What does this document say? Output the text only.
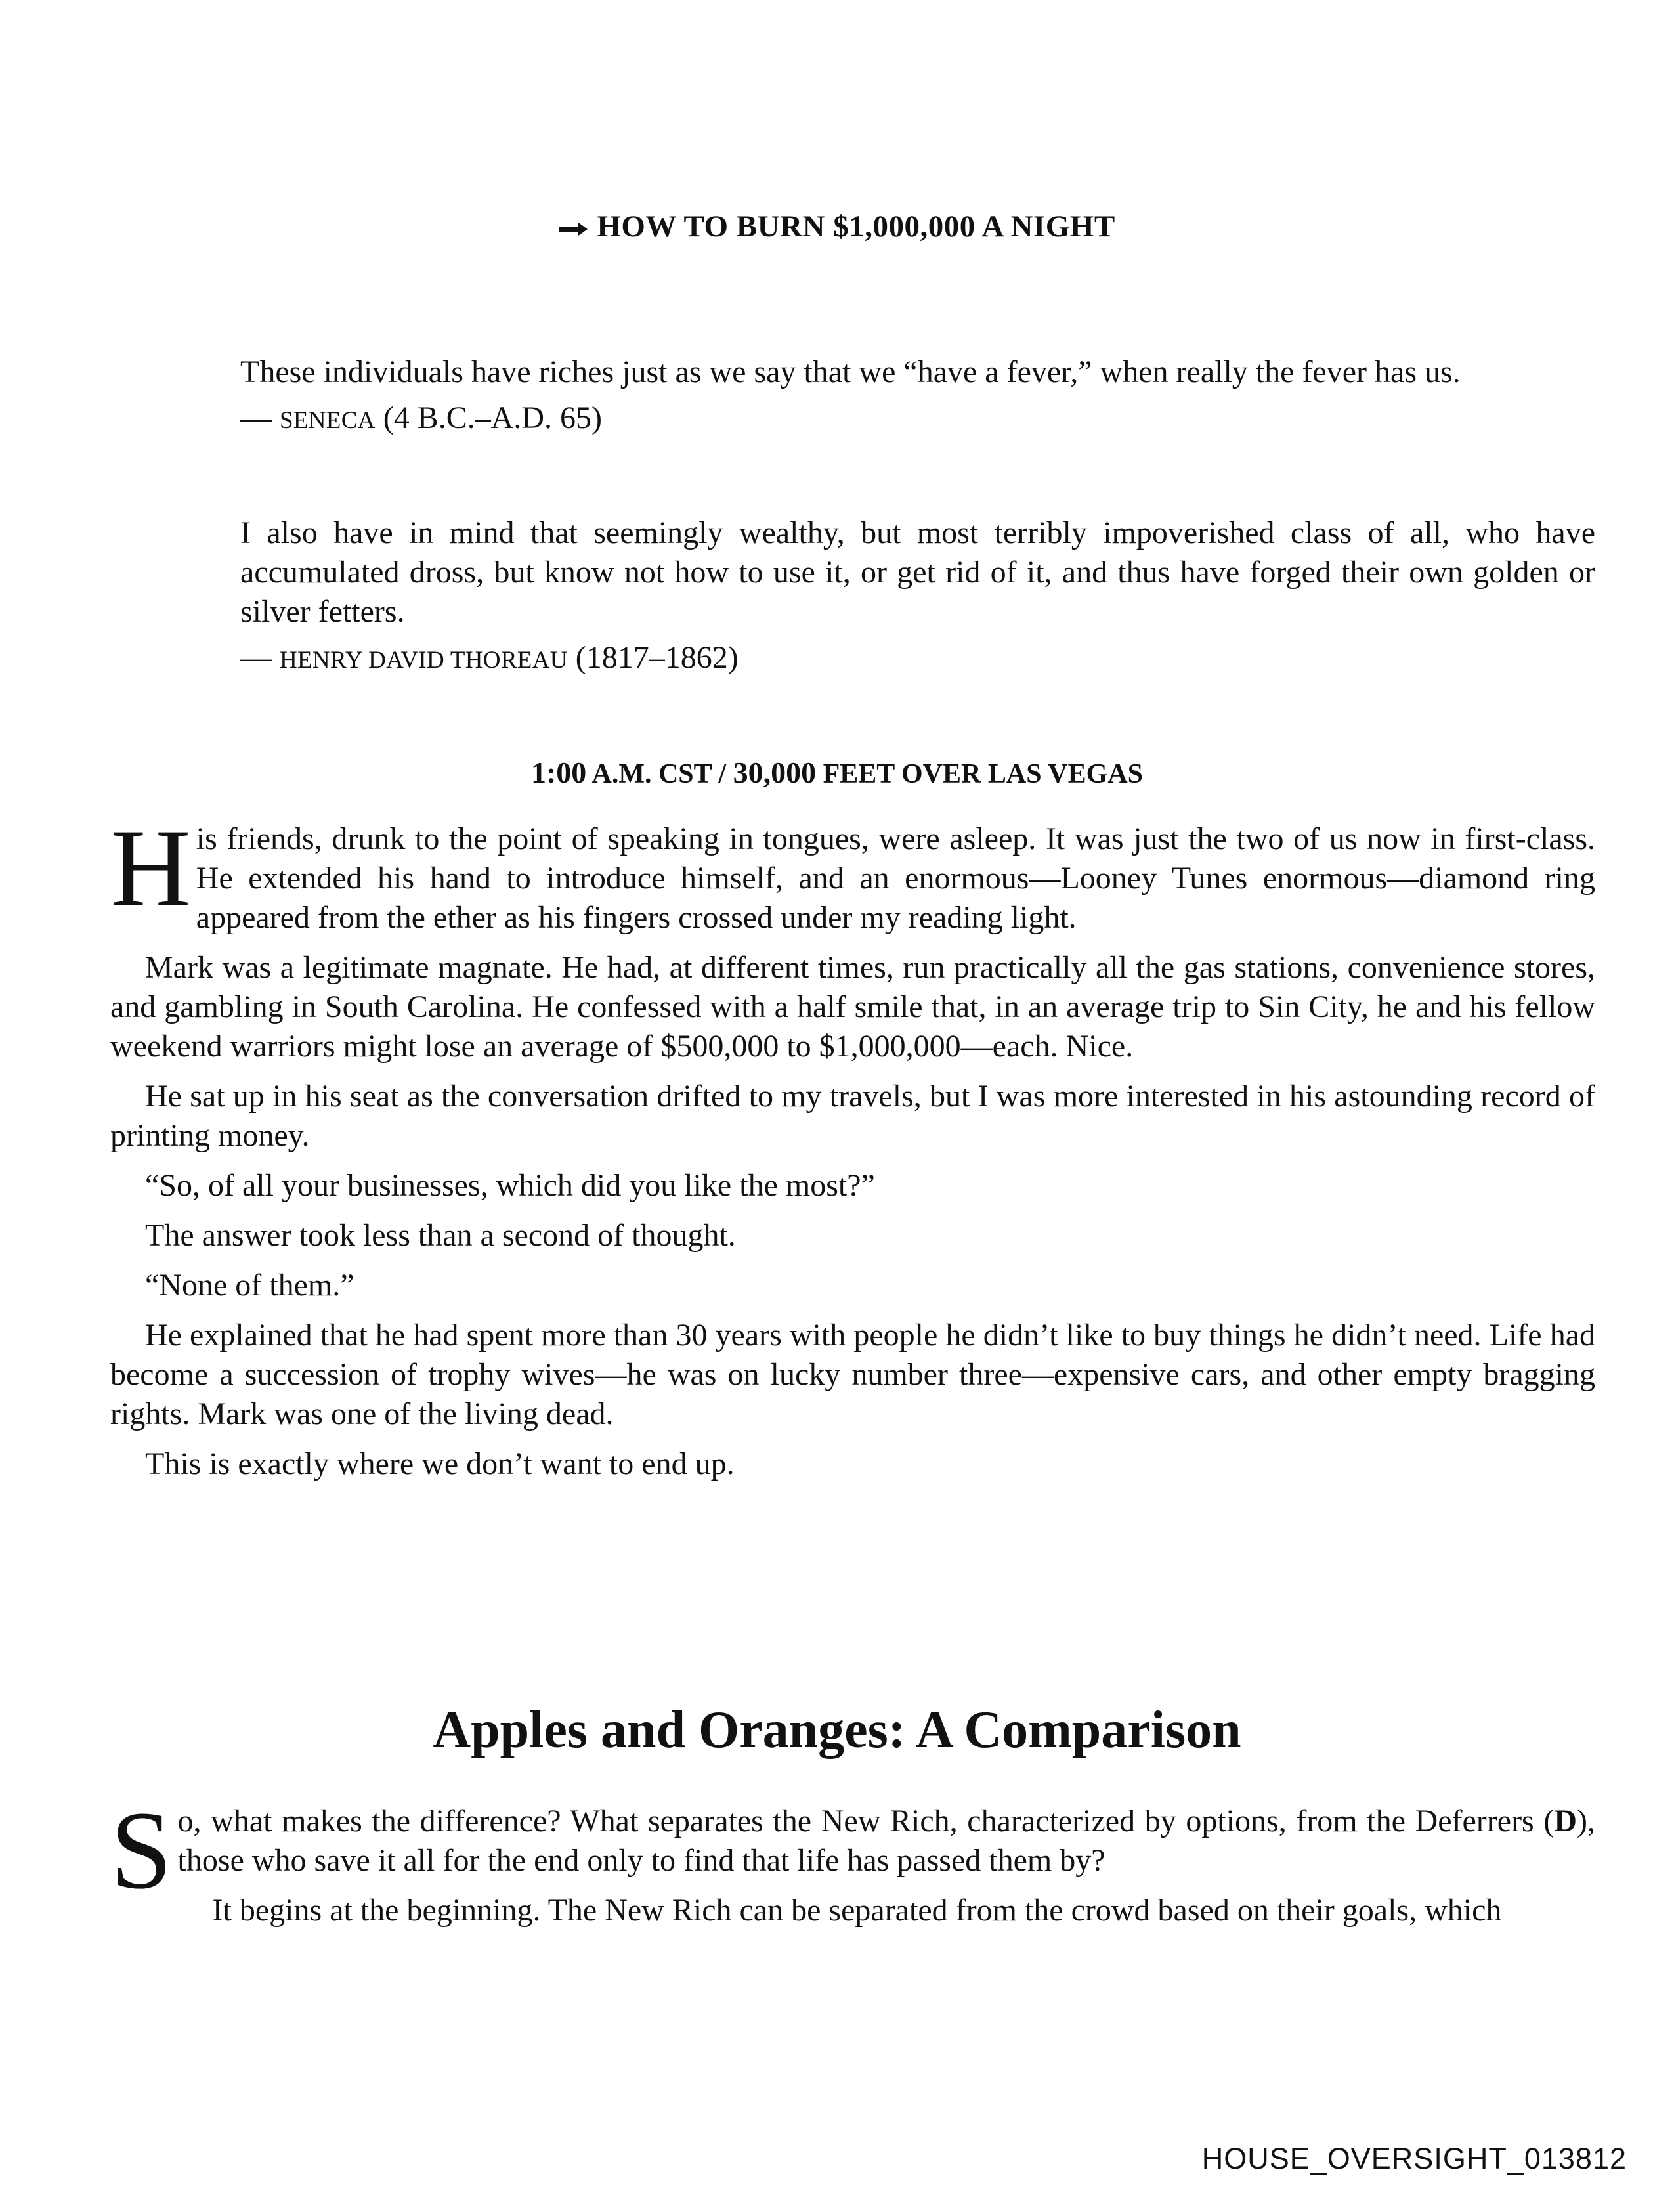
HOW TO BURN $1,000,000 A NIGHT
These individuals have riches just as we say that we “have a fever,” when really the fever has us.
— SENECA (4 B.C.–A.D. 65)
I also have in mind that seemingly wealthy, but most terribly impoverished class of all, who have accumulated dross, but know not how to use it, or get rid of it, and thus have forged their own golden or silver fetters.
— HENRY DAVID THOREAU (1817–1862)
1:00 A.M. CST / 30,000 FEET OVER LAS VEGAS

His friends, drunk to the point of speaking in tongues, were asleep. It was just the two of us now in first-class. He extended his hand to introduce himself, and an enormous—Looney Tunes enormous—diamond ring appeared from the ether as his fingers crossed under my reading light.

Mark was a legitimate magnate. He had, at different times, run practically all the gas stations, convenience stores, and gambling in South Carolina. He confessed with a half smile that, in an average trip to Sin City, he and his fellow weekend warriors might lose an average of $500,000 to $1,000,000—each. Nice.

He sat up in his seat as the conversation drifted to my travels, but I was more interested in his astounding record of printing money.

“So, of all your businesses, which did you like the most?”

The answer took less than a second of thought.

“None of them.”

He explained that he had spent more than 30 years with people he didn’t like to buy things he didn’t need. Life had become a succession of trophy wives—he was on lucky number three—expensive cars, and other empty bragging rights. Mark was one of the living dead.

This is exactly where we don’t want to end up.

Apples and Oranges: A Comparison

So, what makes the difference? What separates the New Rich, characterized by options, from the Deferrers (D), those who save it all for the end only to find that life has passed them by?

It begins at the beginning. The New Rich can be separated from the crowd based on their goals, which

HOUSE_OVERSIGHT_013812
